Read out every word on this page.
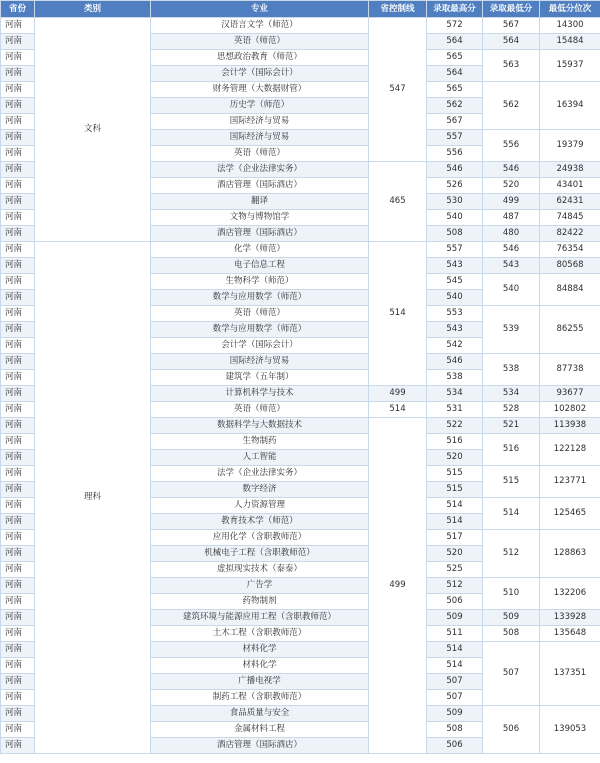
省份	类别	专业	省控制线	录取最高分	录取最低分	最低分位次
河南	文科	汉语言文学（师范）	547	572	567	14300
河南		英语（师范）		564	564	15484
河南		思想政治教育（师范）		565	563	15937
河南		会计学（国际会计）		564		
河南		财务管理（大数据财管）		565	562	16394
河南		历史学（师范）		562		
河南		国际经济与贸易		567		
河南		国际经济与贸易		557	556	19379
河南		英语（师范）		556		
河南		法学（企业法律实务）	465	546	546	24938
河南		酒店管理（国际酒店）		526	520	43401
河南		翻译		530	499	62431
河南		文物与博物馆学		540	487	74845
河南		酒店管理（国际酒店）		508	480	82422
河南	理科	化学（师范）	514	557	546	76354
河南		电子信息工程		543	543	80568
河南		生物科学（师范）		545	540	84884
河南		数学与应用数学（师范）		540		
河南		英语（师范）		553	539	86255
河南		数学与应用数学（师范）		543		
河南		会计学（国际会计）		542		
河南		国际经济与贸易		546	538	87738
河南		建筑学（五年制）		538		
河南		计算机科学与技术	499	534	534	93677
河南		英语（师范）	514	531	528	102802
河南		数据科学与大数据技术	499	522	521	113938
河南		生物制药		516	516	122128
河南		人工智能		520		
河南		法学（企业法律实务）		515	515	123771
河南		数字经济		515		
河南		人力资源管理		514	514	125465
河南		教育技术学（师范）		514		
河南		应用化学（含职教师范）		517	512	128863
河南		机械电子工程（含职教师范）		520		
河南		虚拟现实技术（泰泰）		525		
河南		广告学		512	510	132206
河南		药物制剂		506		
河南		建筑环境与能源应用工程（含职教师范）		509	509	133928
河南		土木工程（含职教师范）		511	508	135648
河南		材料化学		514	507	137351
河南		材料化学		514		
河南		广播电视学		507		
河南		制药工程（含职教师范）		507		
河南		食品质量与安全		509	506	139053
河南		金属材料工程		508		
河南		酒店管理（国际酒店）		506		
